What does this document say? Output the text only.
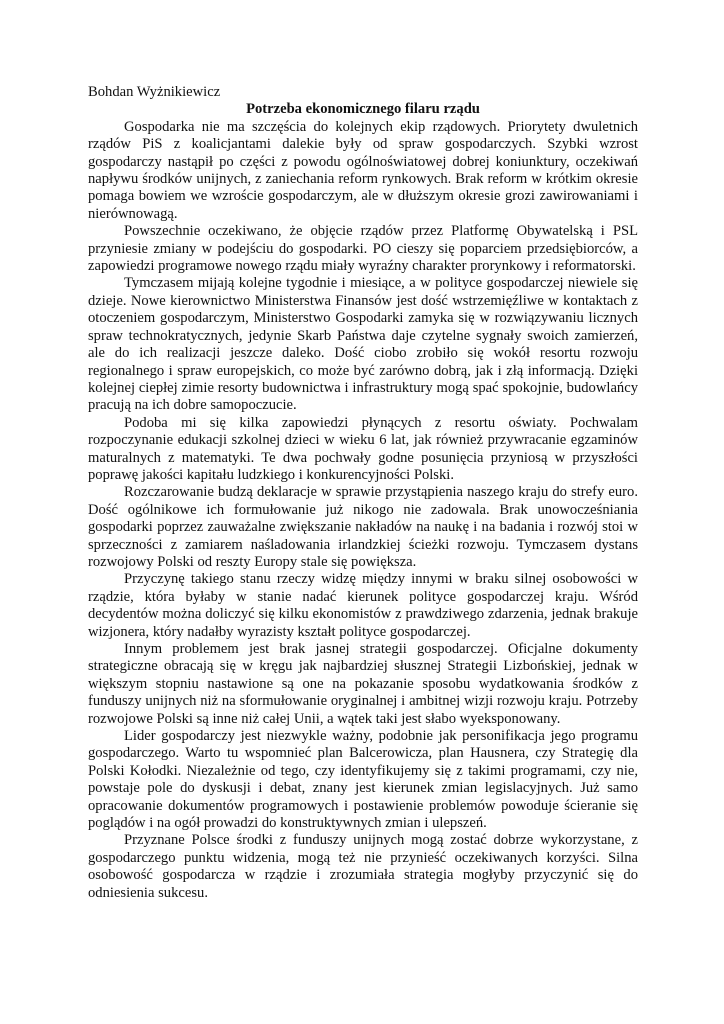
Bohdan Wyżnikiewicz

Potrzeba ekonomicznego filaru rządu

Gospodarka nie ma szczęścia do kolejnych ekip rządowych. Priorytety dwuletnich rządów PiS z koalicjantami dalekie były od spraw gospodarczych. Szybki wzrost gospodarczy nastąpił po części z powodu ogólnoświatowej dobrej koniunktury, oczekiwań napływu środków unijnych, z zaniechania reform rynkowych. Brak reform w krótkim okresie pomaga bowiem we wzroście gospodarczym, ale w dłuższym okresie grozi zawirowaniami i nierównowagą.

Powszechnie oczekiwano, że objęcie rządów przez Platformę Obywatelską i PSL przyniesie zmiany w podejściu do gospodarki. PO cieszy się poparciem przedsiębiorców, a zapowiedzi programowe nowego rządu miały wyraźny charakter prorynkowy i reformatorski.

Tymczasem mijają kolejne tygodnie i miesiące, a w polityce gospodarczej niewiele się dzieje. Nowe kierownictwo Ministerstwa Finansów jest dość wstrzemięźliwe w kontaktach z otoczeniem gospodarczym, Ministerstwo Gospodarki zamyka się w rozwiązywaniu licznych spraw technokratycznych, jedynie Skarb Państwa daje czytelne sygnały swoich zamierzeń, ale do ich realizacji jeszcze daleko. Dość ciobo zrobiło się wokół resortu rozwoju regionalnego i spraw europejskich, co może być zarówno dobrą, jak i złą informacją. Dzięki kolejnej ciepłej zimie resorty budownictwa i infrastruktury mogą spać spokojnie, budowlańcy pracują na ich dobre samopoczucie.

Podoba mi się kilka zapowiedzi płynących z resortu oświaty. Pochwalam rozpoczynanie edukacji szkolnej dzieci w wieku 6 lat, jak również przywracanie egzaminów maturalnych z matematyki. Te dwa pochwały godne posunięcia przyniosą w przyszłości poprawę jakości kapitału ludzkiego i konkurencyjności Polski.

Rozczarowanie budzą deklaracje w sprawie przystąpienia naszego kraju do strefy euro. Dość ogólnikowe ich formułowanie już nikogo nie zadowala. Brak unowocześniania gospodarki poprzez zauważalne zwiększanie nakładów na naukę i na badania i rozwój stoi w sprzeczności z zamiarem naśladowania irlandzkiej ścieżki rozwoju. Tymczasem dystans rozwojowy Polski od reszty Europy stale się powiększa.

Przyczynę takiego stanu rzeczy widzę między innymi w braku silnej osobowości w rządzie, która byłaby w stanie nadać kierunek polityce gospodarczej kraju. Wśród decydentów można doliczyć się kilku ekonomistów z prawdziwego zdarzenia, jednak brakuje wizjonera, który nadałby wyrazisty kształt polityce gospodarczej.

Innym problemem jest brak jasnej strategii gospodarczej. Oficjalne dokumenty strategiczne obracają się w kręgu jak najbardziej słusznej Strategii Lizbońskiej, jednak w większym stopniu nastawione są one na pokazanie sposobu wydatkowania środków z funduszy unijnych niż na sformułowanie oryginalnej i ambitnej wizji rozwoju kraju. Potrzeby rozwojowe Polski są inne niż całej Unii, a wątek taki jest słabo wyeksponowany.

Lider gospodarczy jest niezwykle ważny, podobnie jak personifikacja jego programu gospodarczego. Warto tu wspomnieć plan Balcerowicza, plan Hausnera, czy Strategię dla Polski Kołodki. Niezależnie od tego, czy identyfikujemy się z takimi programami, czy nie, powstaje pole do dyskusji i debat, znany jest kierunek zmian legislacyjnych. Już samo opracowanie dokumentów programowych i postawienie problemów powoduje ścieranie się poglądów i na ogół prowadzi do konstruktywnych zmian i ulepszeń.

Przyznane Polsce środki z funduszy unijnych mogą zostać dobrze wykorzystane, z gospodarczego punktu widzenia, mogą też nie przynieść oczekiwanych korzyści. Silna osobowość gospodarcza w rządzie i zrozumiała strategia mogłyby przyczynić się do odniesienia sukcesu.
